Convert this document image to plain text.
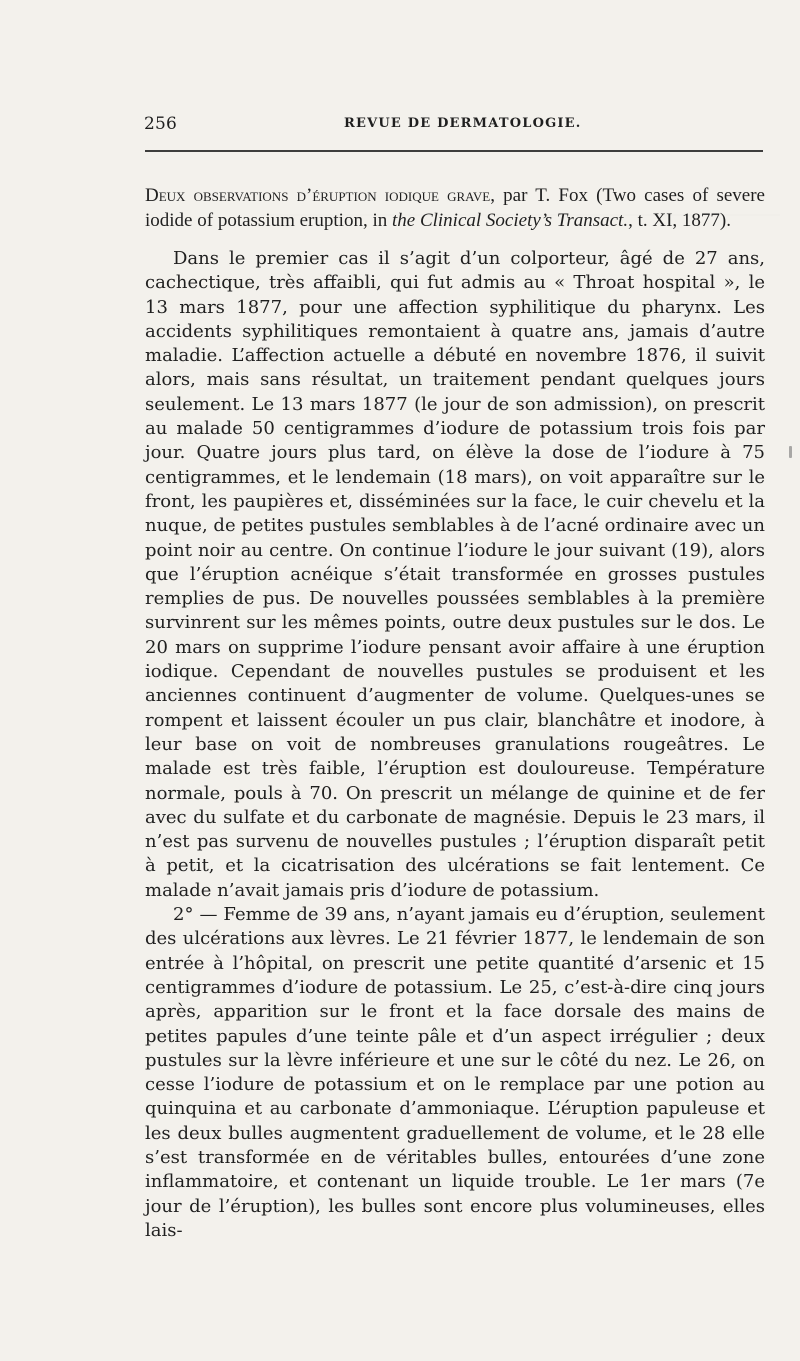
256	REVUE DE DERMATOLOGIE.

Deux observations d’éruption iodique grave, par T. Fox (Two cases of severe iodide of potassium eruption, in the Clinical Society’s Transact., t. XI, 1877).

Dans le premier cas il s’agit d’un colporteur, âgé de 27 ans, cachectique, très affaibli, qui fut admis au « Throat hospital », le 13 mars 1877, pour une affection syphilitique du pharynx. Les accidents syphilitiques remontaient à quatre ans, jamais d’autre maladie. L’affection actuelle a débuté en novembre 1876, il suivit alors, mais sans résultat, un traitement pendant quelques jours seulement. Le 13 mars 1877 (le jour de son admission), on prescrit au malade 50 centigrammes d’iodure de potassium trois fois par jour. Quatre jours plus tard, on élève la dose de l’iodure à 75 centigrammes, et le lendemain (18 mars), on voit apparaître sur le front, les paupières et, disséminées sur la face, le cuir chevelu et la nuque, de petites pustules semblables à de l’acné ordinaire avec un point noir au centre. On continue l’iodure le jour suivant (19), alors que l’éruption acnéique s’était transformée en grosses pustules remplies de pus. De nouvelles poussées semblables à la première survinrent sur les mêmes points, outre deux pustules sur le dos. Le 20 mars on supprime l’iodure pensant avoir affaire à une éruption iodique. Cependant de nouvelles pustules se produisent et les anciennes continuent d’augmenter de volume. Quelques-unes se rompent et laissent écouler un pus clair, blanchâtre et inodore, à leur base on voit de nombreuses granulations rougeâtres. Le malade est très faible, l’éruption est douloureuse. Température normale, pouls à 70. On prescrit un mélange de quinine et de fer avec du sulfate et du carbonate de magnésie. Depuis le 23 mars, il n’est pas survenu de nouvelles pustules ; l’éruption disparaît petit à petit, et la cicatrisation des ulcérations se fait lentement. Ce malade n’avait jamais pris d’iodure de potassium.

2° — Femme de 39 ans, n’ayant jamais eu d’éruption, seulement des ulcérations aux lèvres. Le 21 février 1877, le lendemain de son entrée à l’hôpital, on prescrit une petite quantité d’arsenic et 15 centigrammes d’iodure de potassium. Le 25, c’est-à-dire cinq jours après, apparition sur le front et la face dorsale des mains de petites papules d’une teinte pâle et d’un aspect irrégulier ; deux pustules sur la lèvre inférieure et une sur le côté du nez. Le 26, on cesse l’iodure de potassium et on le remplace par une potion au quinquina et au carbonate d’ammoniaque. L’éruption papuleuse et les deux bulles augmentent graduellement de volume, et le 28 elle s’est transformée en de véritables bulles, entourées d’une zone inflammatoire, et contenant un liquide trouble. Le 1er mars (7e jour de l’éruption), les bulles sont encore plus volumineuses, elles lais-
